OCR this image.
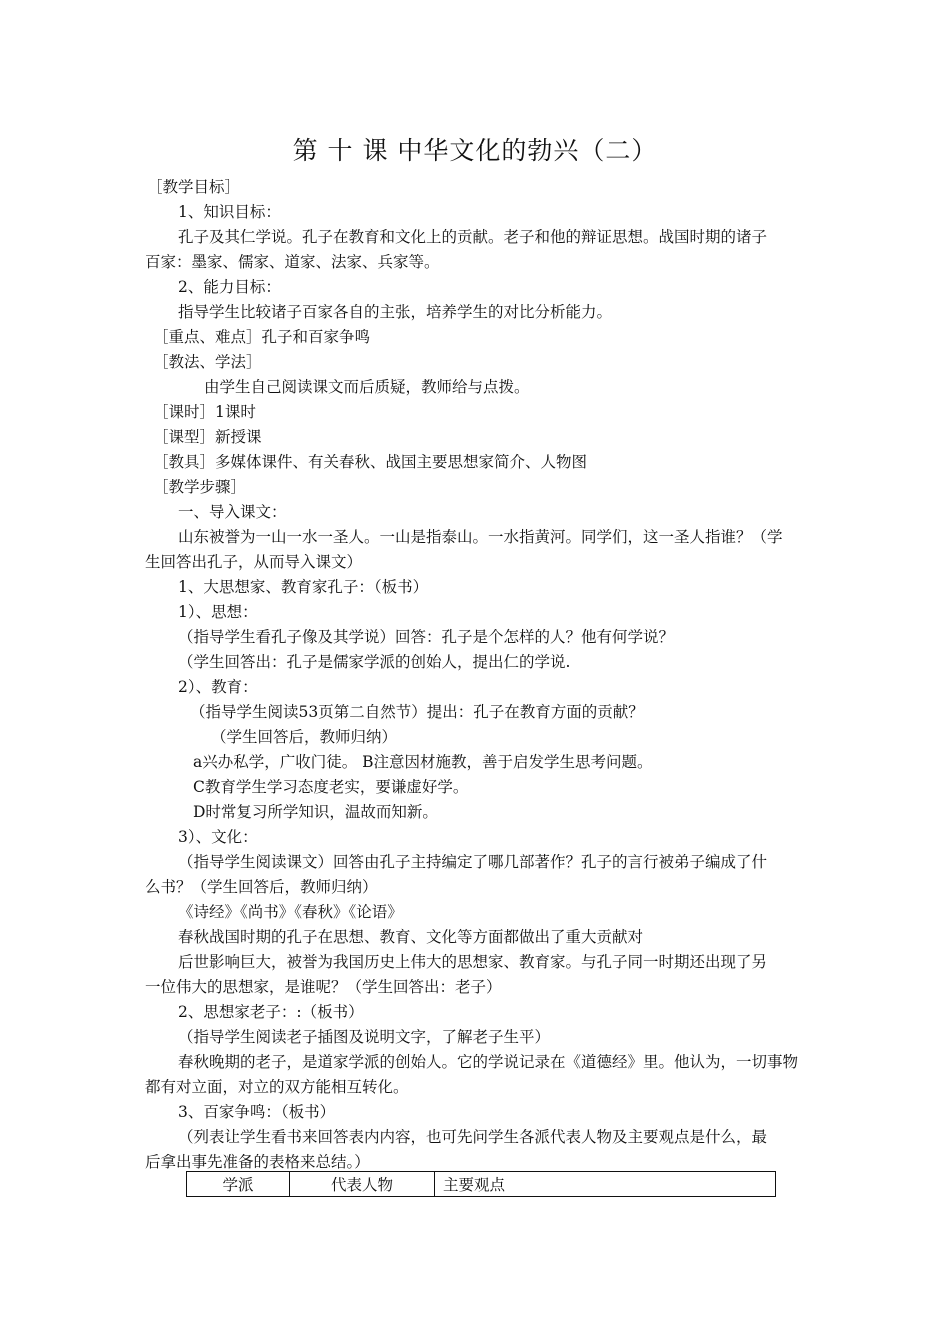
第 十 课 中华文化的勃兴（二）
［教学目标］
1、知识目标：
孔子及其仁学说。孔子在教育和文化上的贡献。老子和他的辩证思想。战国时期的诸子
百家：墨家、儒家、道家、法家、兵家等。
2、能力目标：
指导学生比较诸子百家各自的主张，培养学生的对比分析能力。
［重点、难点］孔子和百家争鸣
［教法、学法］
由学生自己阅读课文而后质疑，教师给与点拨。
［课时］1课时
［课型］新授课
［教具］多媒体课件、有关春秋、战国主要思想家简介、人物图
［教学步骤］
一、导入课文：
山东被誉为一山一水一圣人。一山是指泰山。一水指黄河。同学们，这一圣人指谁？（学
生回答出孔子，从而导入课文）
1、大思想家、教育家孔子：（板书）
1）、思想：
（指导学生看孔子像及其学说）回答：孔子是个怎样的人？他有何学说？
（学生回答出：孔子是儒家学派的创始人，提出仁的学说.
2）、教育：
（指导学生阅读53页第二自然节）提出：孔子在教育方面的贡献？
（学生回答后，教师归纳）
a兴办私学，广收门徒。 B注意因材施教，善于启发学生思考问题。
C教育学生学习态度老实，要谦虚好学。
D时常复习所学知识，温故而知新。
3）、文化：
（指导学生阅读课文）回答由孔子主持编定了哪几部著作？孔子的言行被弟子编成了什
么书？（学生回答后，教师归纳）
《诗经》《尚书》《春秋》《论语》
春秋战国时期的孔子在思想、教育、文化等方面都做出了重大贡献对
后世影响巨大，被誉为我国历史上伟大的思想家、教育家。与孔子同一时期还出现了另
一位伟大的思想家，是谁呢？（学生回答出：老子）
2、思想家老子：:（板书）
（指导学生阅读老子插图及说明文字，了解老子生平）
春秋晚期的老子，是道家学派的创始人。它的学说记录在《道德经》里。他认为，一切事物
都有对立面，对立的双方能相互转化。
3、百家争鸣：（板书）
（列表让学生看书来回答表内内容，也可先问学生各派代表人物及主要观点是什么，最
后拿出事先准备的表格来总结。）
学派	代表人物	主要观点
